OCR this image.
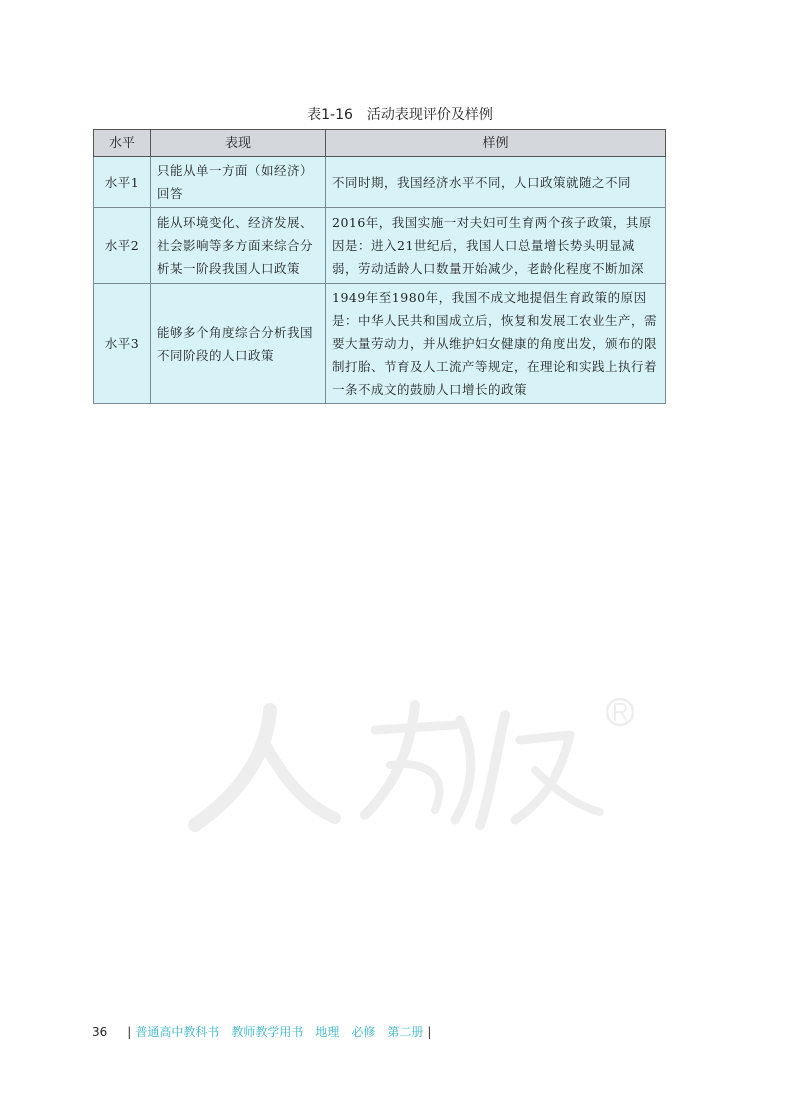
表1-16 活动表现评价及样例
水平	表现	样例
水平1	只能从单一方面（如经济）回答	不同时期，我国经济水平不同，人口政策就随之不同
水平2	能从环境变化、经济发展、社会影响等多方面来综合分析某一阶段我国人口政策	2016年，我国实施一对夫妇可生育两个孩子政策，其原因是：进入21世纪后，我国人口总量增长势头明显减弱，劳动适龄人口数量开始减少，老龄化程度不断加深
水平3	能够多个角度综合分析我国不同阶段的人口政策	1949年至1980年，我国不成文地提倡生育政策的原因是：中华人民共和国成立后，恢复和发展工农业生产，需要大量劳动力，并从维护妇女健康的角度出发，颁布的限制打胎、节育及人工流产等规定，在理论和实践上执行着一条不成文的鼓励人口增长的政策
36 | 普通高中教科书　教师教学用书　地理　必修　第二册 |
